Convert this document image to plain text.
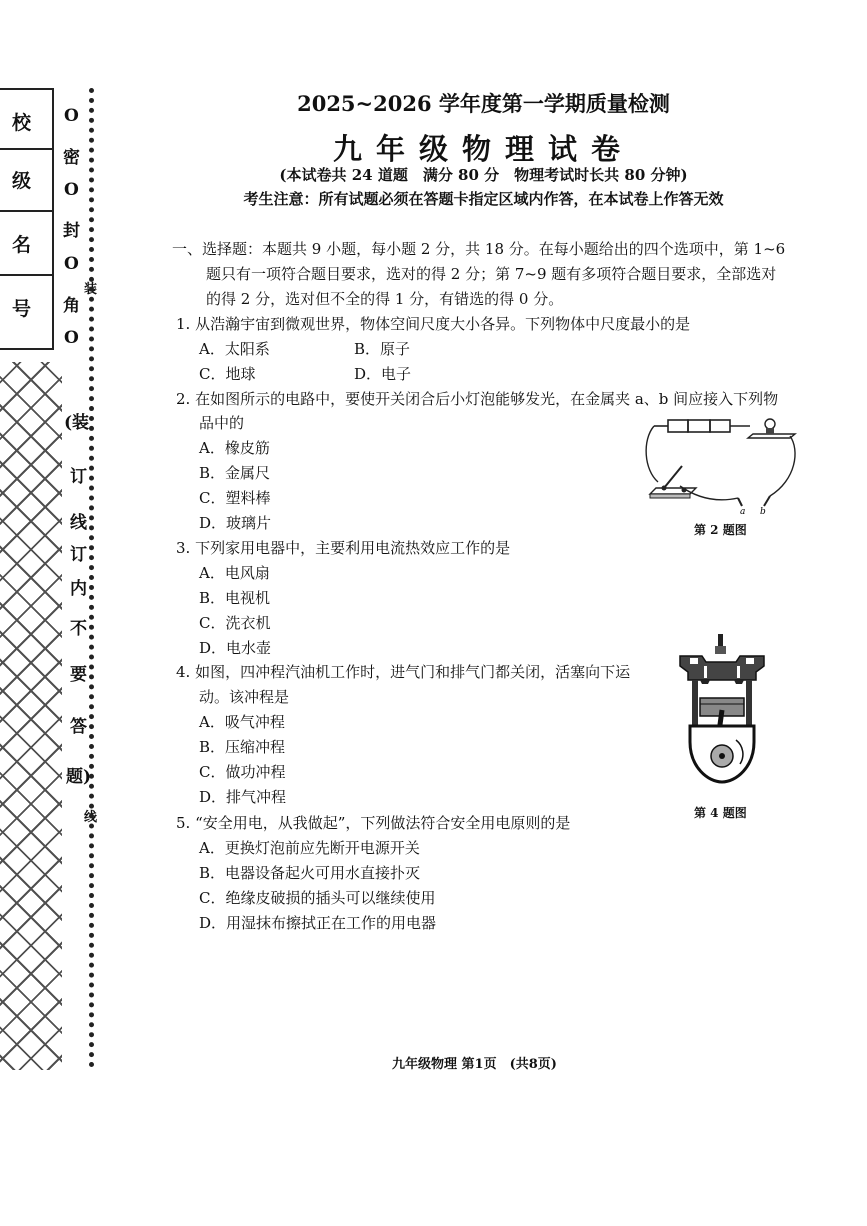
校
级
名
号
O
密
O
封
O
角
O
装
线
(装
订
线
订
内
不
要
答
题)
2025~2026 学年度第一学期质量检测
九年级物理试卷
(本试卷共 24 道题　满分 80 分　物理考试时长共 80 分钟)
考生注意：所有试题必须在答题卡指定区域内作答，在本试卷上作答无效
一、选择题：本题共 9 小题，每小题 2 分，共 18 分。在每小题给出的四个选项中，第 1~6
题只有一项符合题目要求，选对的得 2 分；第 7~9 题有多项符合题目要求，全部选对
的得 2 分，选对但不全的得 1 分，有错选的得 0 分。
1. 从浩瀚宇宙到微观世界，物体空间尺度大小各异。下列物体中尺度最小的是
A．太阳系	B．原子
C．地球	D．电子
2. 在如图所示的电路中，要使开关闭合后小灯泡能够发光，在金属夹 a、b 间应接入下列物
品中的
A．橡皮筋
B．金属尺
C．塑料棒
D．玻璃片
a b
第 2 题图
3. 下列家用电器中，主要利用电流热效应工作的是
A．电风扇
B．电视机
C．洗衣机
D．电水壶
4. 如图，四冲程汽油机工作时，进气门和排气门都关闭，活塞向下运
动。该冲程是
A．吸气冲程
B．压缩冲程
C．做功冲程
D．排气冲程
第 4 题图
5. “安全用电，从我做起”，下列做法符合安全用电原则的是
A．更换灯泡前应先断开电源开关
B．电器设备起火可用水直接扑灭
C．绝缘皮破损的插头可以继续使用
D．用湿抹布擦拭正在工作的用电器
九年级物理 第1页　(共8页)
